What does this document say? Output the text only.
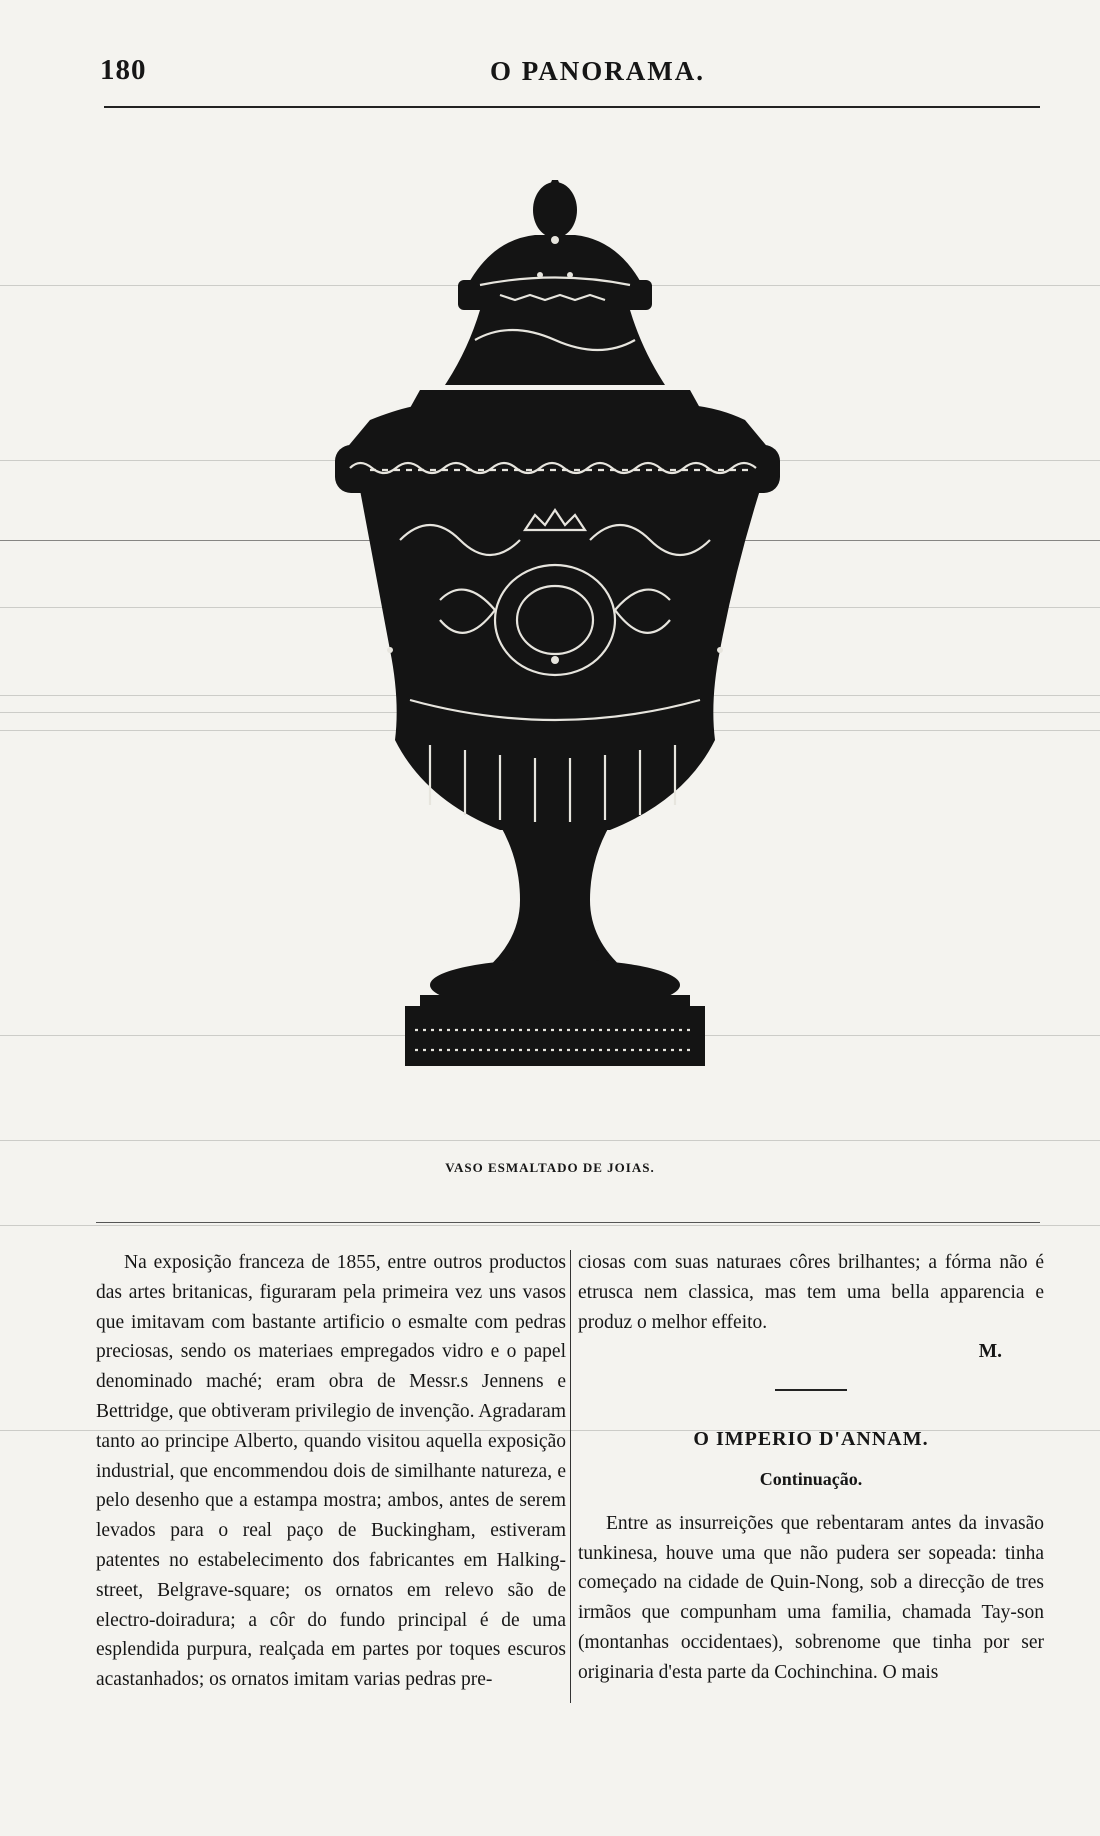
180	O PANORAMA.
VASO ESMALTADO DE JOIAS.

Na exposição franceza de 1855, entre outros productos das artes britanicas, figuraram pela primeira vez uns vasos que imitavam com bastante artificio o esmalte com pedras preciosas, sendo os materiaes empregados vidro e o papel denominado maché; eram obra de Messr.s Jennens e Bettridge, que obtiveram privilegio de invenção. Agradaram tanto ao principe Alberto, quando visitou aquella exposição industrial, que encommendou dois de similhante natureza, e pelo desenho que a estampa mostra; ambos, antes de serem levados para o real paço de Buckingham, estiveram patentes no estabelecimento dos fabricantes em Halking-street, Belgrave-square; os ornatos em relevo são de electro-doiradura; a côr do fundo principal é de uma esplendida purpura, realçada em partes por toques escuros acastanhados; os ornatos imitam varias pedras pre-

ciosas com suas naturaes côres brilhantes; a fórma não é etrusca nem classica, mas tem uma bella apparencia e produz o melhor effeito.

M.

O IMPERIO D'ANNAM.

Continuação.

Entre as insurreições que rebentaram antes da invasão tunkinesa, houve uma que não pudera ser sopeada: tinha começado na cidade de Quin-Nong, sob a direcção de tres irmãos que compunham uma familia, chamada Tay-son (montanhas occidentaes), sobrenome que tinha por ser originaria d'esta parte da Cochinchina. O mais
